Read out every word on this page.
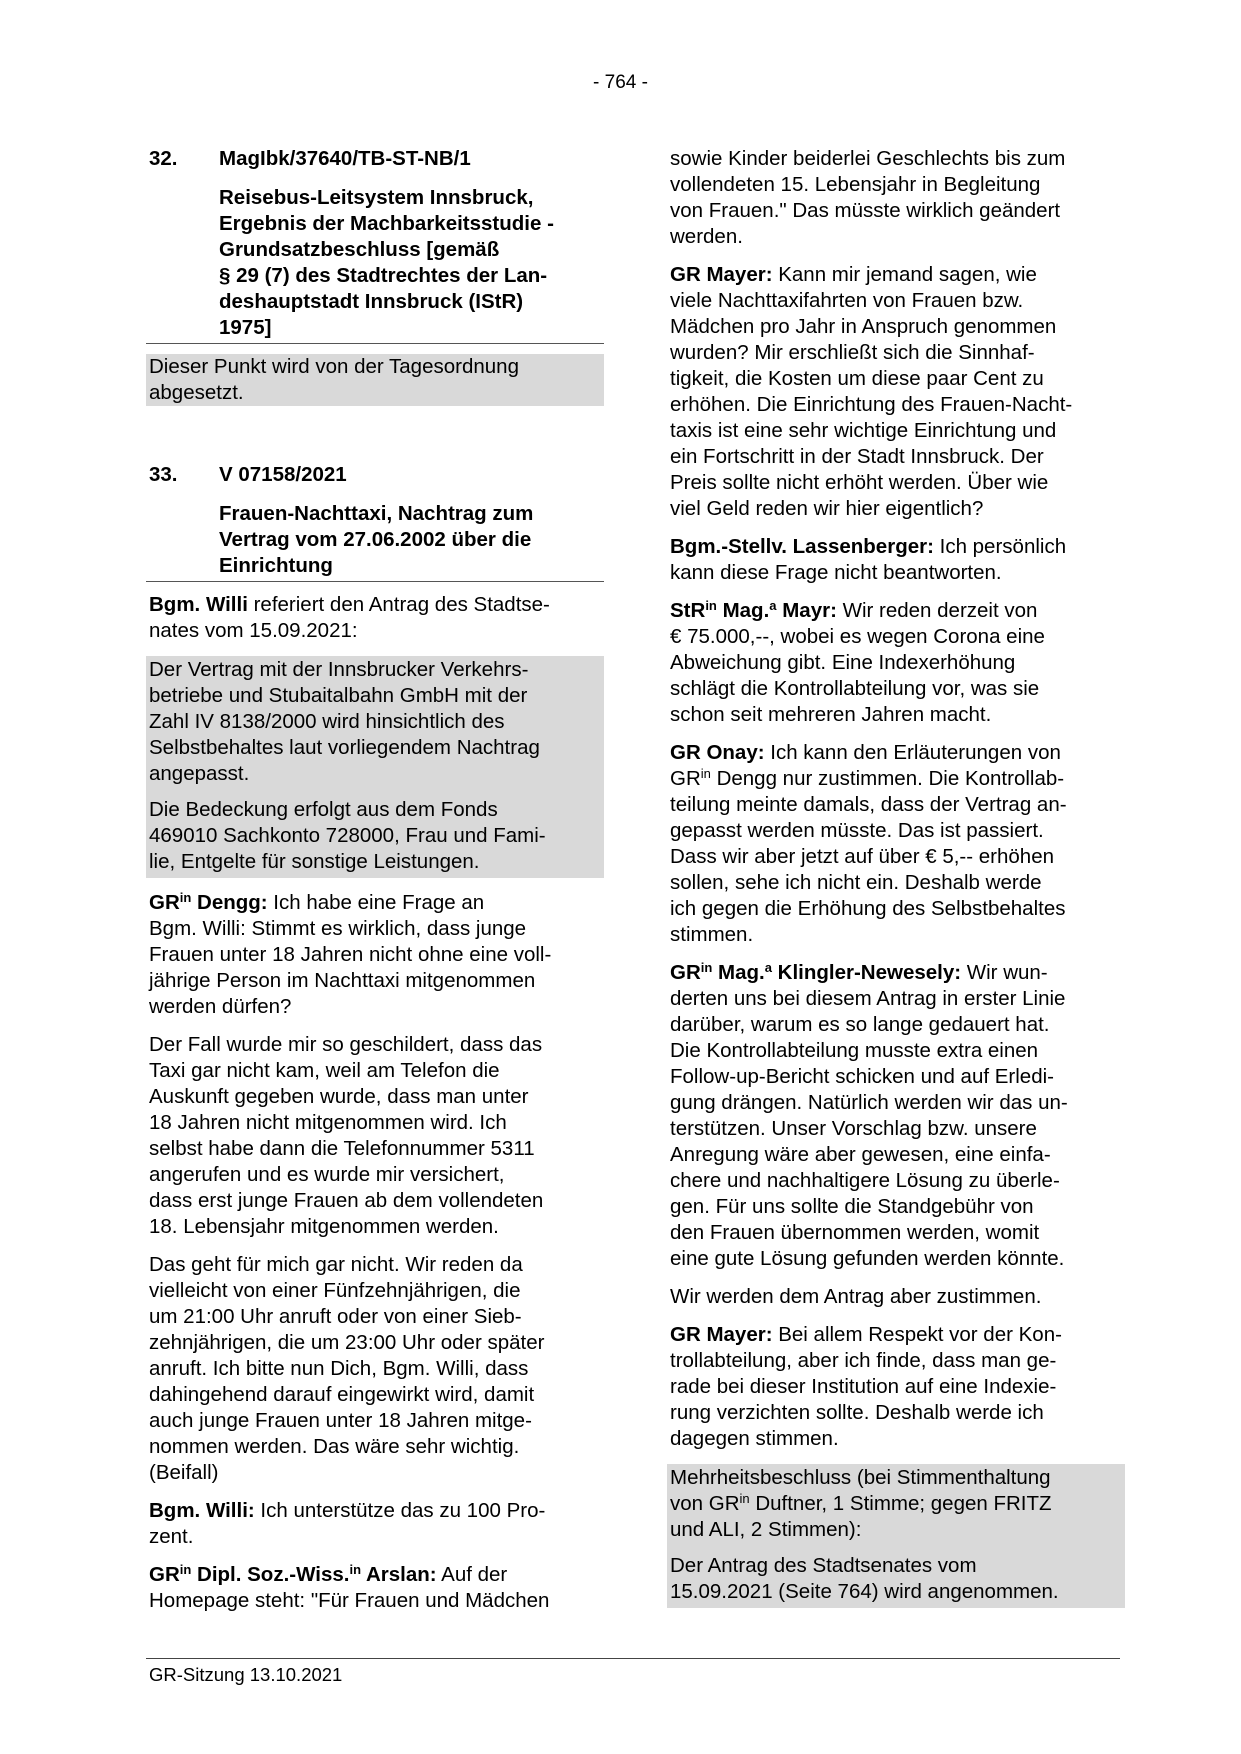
- 764 -
32.	MagIbk/37640/TB-ST-NB/1
Reisebus-Leitsystem Innsbruck,
Ergebnis der Machbarkeitsstudie -
Grundsatzbeschluss [gemäß
§ 29 (7) des Stadtrechtes der Lan-
deshauptstadt Innsbruck (IStR)
1975]
Dieser Punkt wird von der Tagesordnung
abgesetzt.
33.	V 07158/2021
Frauen-Nachttaxi, Nachtrag zum
Vertrag vom 27.06.2002 über die
Einrichtung
Bgm. Willi referiert den Antrag des Stadtse-
nates vom 15.09.2021:
Der Vertrag mit der Innsbrucker Verkehrs-
betriebe und Stubaitalbahn GmbH mit der
Zahl IV 8138/2000 wird hinsichtlich des
Selbstbehaltes laut vorliegendem Nachtrag
angepasst.
Die Bedeckung erfolgt aus dem Fonds
469010 Sachkonto 728000, Frau und Fami-
lie, Entgelte für sonstige Leistungen.
$GR^{in}$ Dengg: Ich habe eine Frage an
Bgm. Willi: Stimmt es wirklich, dass junge
Frauen unter 18 Jahren nicht ohne eine voll-
jährige Person im Nachttaxi mitgenommen
werden dürfen?
Der Fall wurde mir so geschildert, dass das
Taxi gar nicht kam, weil am Telefon die
Auskunft gegeben wurde, dass man unter
18 Jahren nicht mitgenommen wird. Ich
selbst habe dann die Telefonnummer 5311
angerufen und es wurde mir versichert,
dass erst junge Frauen ab dem vollendeten
18. Lebensjahr mitgenommen werden.
Das geht für mich gar nicht. Wir reden da
vielleicht von einer Fünfzehnjährigen, die
um 21:00 Uhr anruft oder von einer Sieb-
zehnjährigen, die um 23:00 Uhr oder später
anruft. Ich bitte nun Dich, Bgm. Willi, dass
dahingehend darauf eingewirkt wird, damit
auch junge Frauen unter 18 Jahren mitge-
nommen werden. Das wäre sehr wichtig.
(Beifall)
Bgm. Willi: Ich unterstütze das zu 100 Pro-
zent.
$GR^{in}$ Dipl. Soz.-Wiss.$^{in}$ Arslan: Auf der
Homepage steht: "Für Frauen und Mädchen
sowie Kinder beiderlei Geschlechts bis zum
vollendeten 15. Lebensjahr in Begleitung
von Frauen." Das müsste wirklich geändert
werden.
GR Mayer: Kann mir jemand sagen, wie
viele Nachttaxifahrten von Frauen bzw.
Mädchen pro Jahr in Anspruch genommen
wurden? Mir erschließt sich die Sinnhaf-
tigkeit, die Kosten um diese paar Cent zu
erhöhen. Die Einrichtung des Frauen-Nacht-
taxis ist eine sehr wichtige Einrichtung und
ein Fortschritt in der Stadt Innsbruck. Der
Preis sollte nicht erhöht werden. Über wie
viel Geld reden wir hier eigentlich?
Bgm.-Stellv. Lassenberger: Ich persönlich
kann diese Frage nicht beantworten.
StR$^{in}$ Mag.$^a$ Mayr: Wir reden derzeit von
€ 75.000,--, wobei es wegen Corona eine
Abweichung gibt. Eine Indexerhöhung
schlägt die Kontrollabteilung vor, was sie
schon seit mehreren Jahren macht.
GR Onay: Ich kann den Erläuterungen von
$GR^{in}$ Dengg nur zustimmen. Die Kontrollab-
teilung meinte damals, dass der Vertrag an-
gepasst werden müsste. Das ist passiert.
Dass wir aber jetzt auf über € 5,-- erhöhen
sollen, sehe ich nicht ein. Deshalb werde
ich gegen die Erhöhung des Selbstbehaltes
stimmen.
$GR^{in}$ Mag.$^a$ Klingler-Newesely: Wir wun-
derten uns bei diesem Antrag in erster Linie
darüber, warum es so lange gedauert hat.
Die Kontrollabteilung musste extra einen
Follow-up-Bericht schicken und auf Erledi-
gung drängen. Natürlich werden wir das un-
terstützen. Unser Vorschlag bzw. unsere
Anregung wäre aber gewesen, eine einfa-
chere und nachhaltigere Lösung zu überle-
gen. Für uns sollte die Standgebühr von
den Frauen übernommen werden, womit
eine gute Lösung gefunden werden könnte.
Wir werden dem Antrag aber zustimmen.
GR Mayer: Bei allem Respekt vor der Kon-
trollabteilung, aber ich finde, dass man ge-
rade bei dieser Institution auf eine Indexie-
rung verzichten sollte. Deshalb werde ich
dagegen stimmen.
Mehrheitsbeschluss (bei Stimmenthaltung
von $GR^{in}$ Duftner, 1 Stimme; gegen FRITZ
und ALI, 2 Stimmen):
Der Antrag des Stadtsenates vom
15.09.2021 (Seite 764) wird angenommen.
GR-Sitzung 13.10.2021
